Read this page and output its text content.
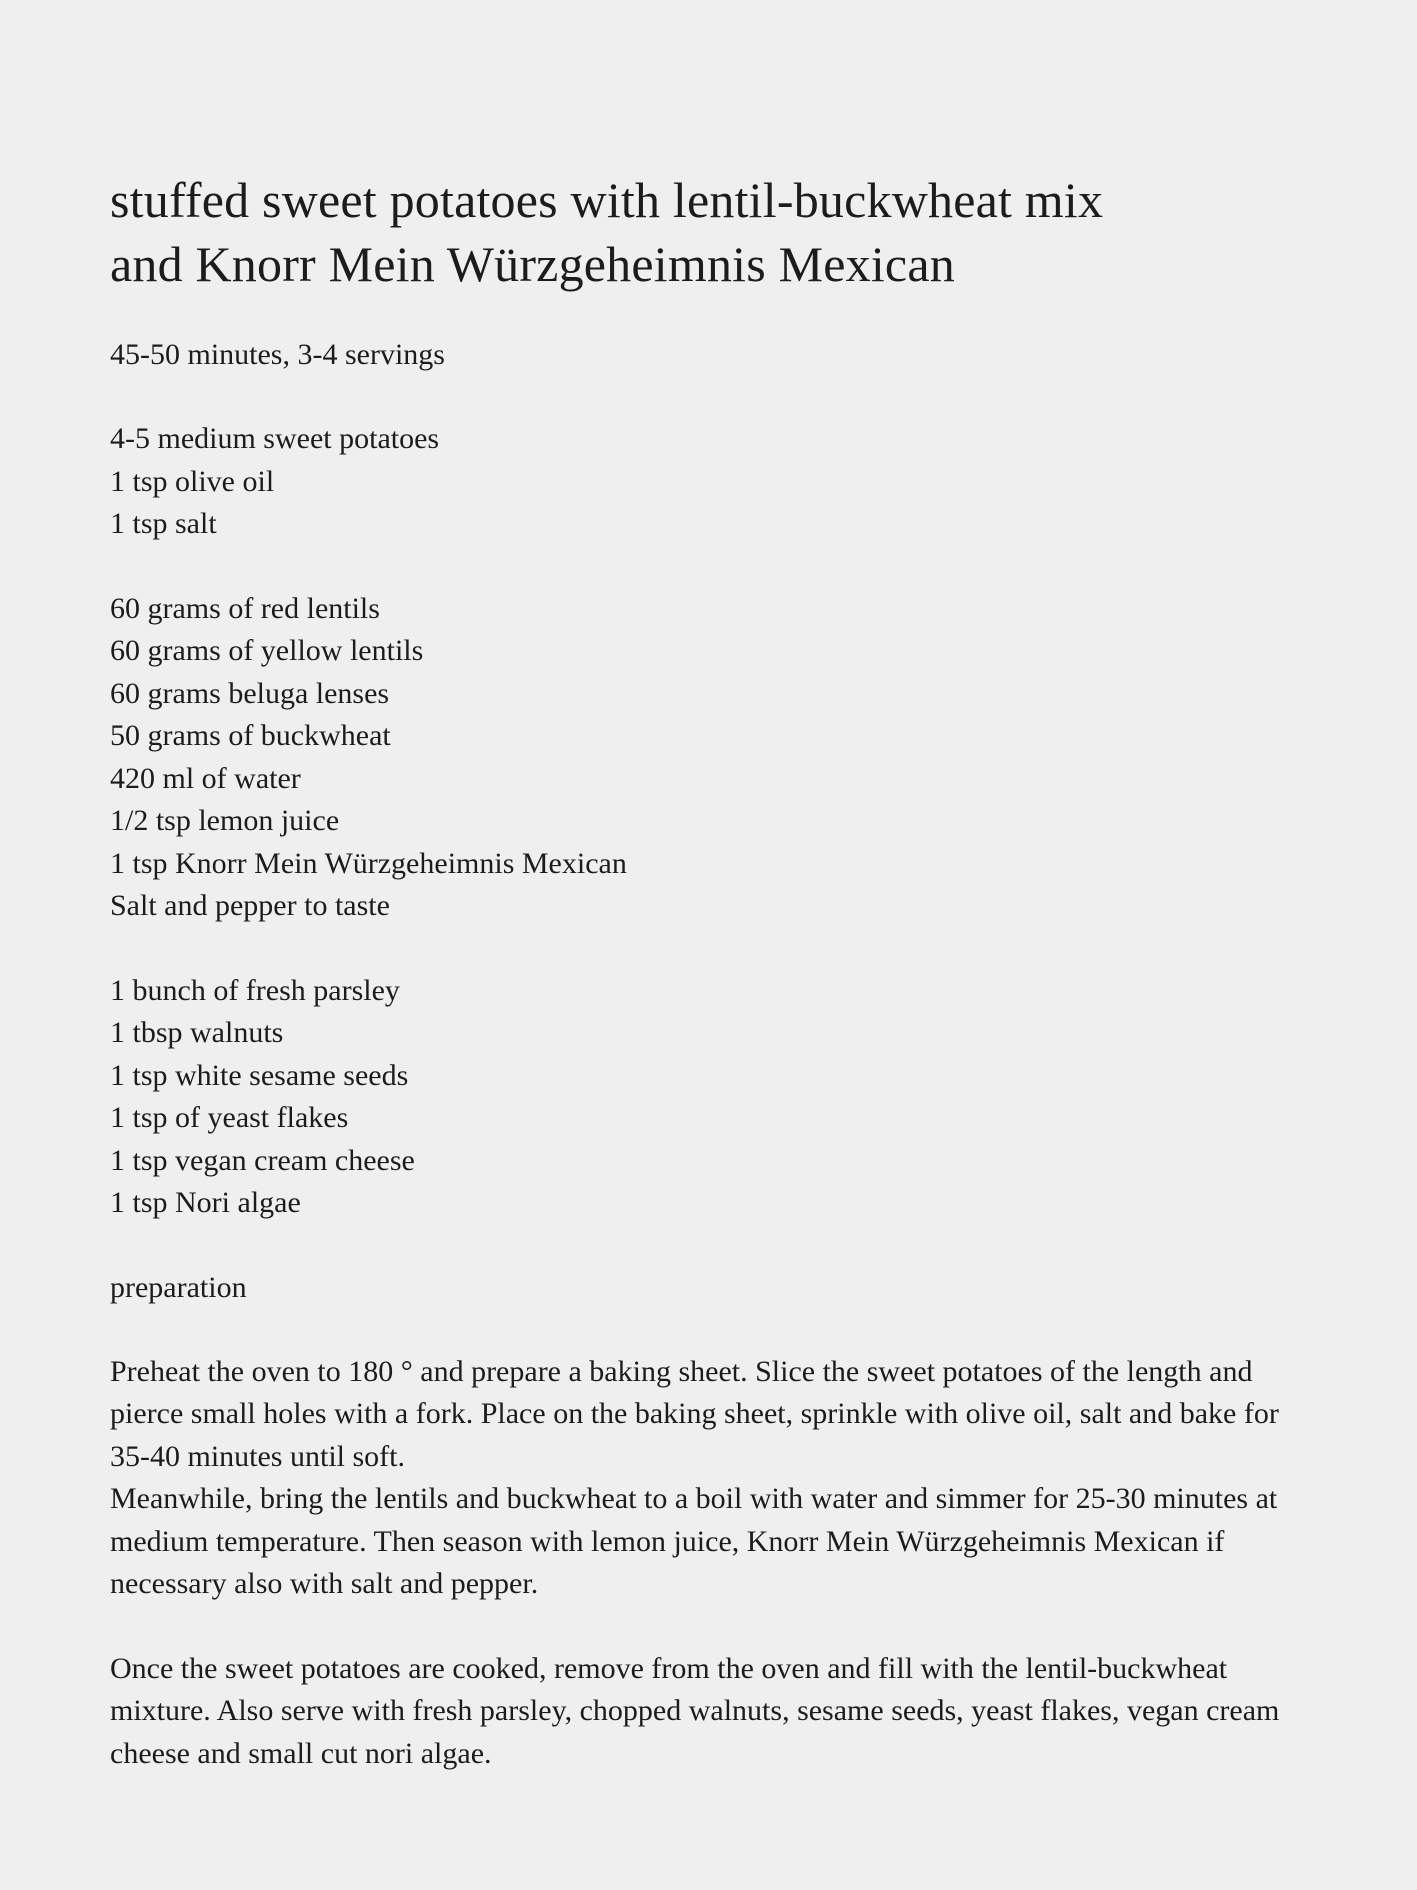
stuffed sweet potatoes with lentil-buckwheat mix
and Knorr Mein Würzgeheimnis Mexican

45-50 minutes, 3-4 servings

4-5 medium sweet potatoes
1 tsp olive oil
1 tsp salt
60 grams of red lentils
60 grams of yellow lentils
60 grams beluga lenses
50 grams of buckwheat
420 ml of water
1/2 tsp lemon juice
1 tsp Knorr Mein Würzgeheimnis Mexican
Salt and pepper to taste
1 bunch of fresh parsley
1 tbsp walnuts
1 tsp white sesame seeds
1 tsp of yeast flakes
1 tsp vegan cream cheese
1 tsp Nori algae
preparation

Preheat the oven to 180 ° and prepare a baking sheet. Slice the sweet potatoes of the length and pierce small holes with a fork. Place on the baking sheet, sprinkle with olive oil, salt and bake for 35-40 minutes until soft.

Meanwhile, bring the lentils and buckwheat to a boil with water and simmer for 25-30 minutes at medium temperature. Then season with lemon juice, Knorr Mein Würzgeheimnis Mexican if necessary also with salt and pepper.

Once the sweet potatoes are cooked, remove from the oven and fill with the lentil-buckwheat mixture. Also serve with fresh parsley, chopped walnuts, sesame seeds, yeast flakes, vegan cream cheese and small cut nori algae.
